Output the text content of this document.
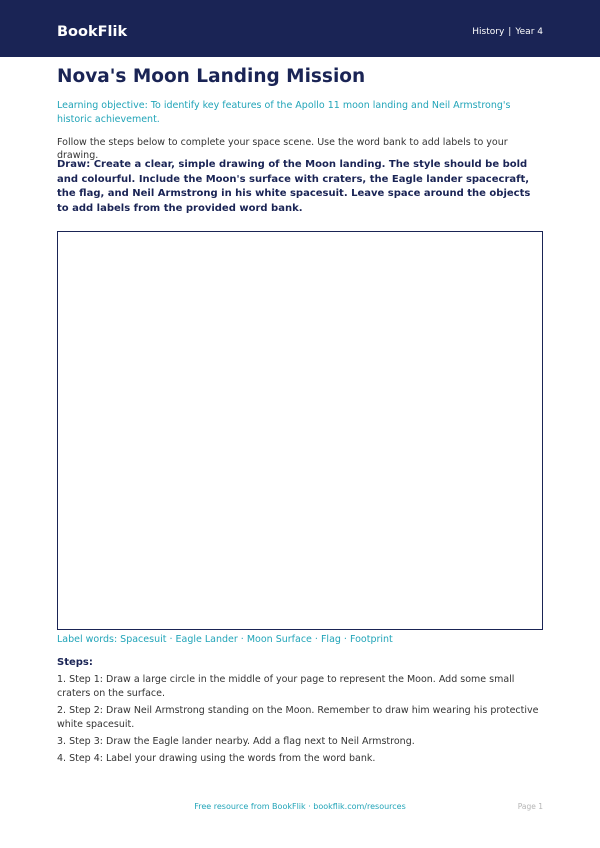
BookFlik	History | Year 4
Nova's Moon Landing Mission

Learning objective: To identify key features of the Apollo 11 moon landing and Neil Armstrong's historic achievement.

Follow the steps below to complete your space scene. Use the word bank to add labels to your drawing.

Draw: Create a clear, simple drawing of the Moon landing. The style should be bold and colourful. Include the Moon's surface with craters, the Eagle lander spacecraft, the flag, and Neil Armstrong in his white spacesuit. Leave space around the objects to add labels from the provided word bank.

Label words: Spacesuit · Eagle Lander · Moon Surface · Flag · Footprint
Steps:
1. Step 1: Draw a large circle in the middle of your page to represent the Moon. Add some small craters on the surface.
2. Step 2: Draw Neil Armstrong standing on the Moon. Remember to draw him wearing his protective white spacesuit.
3. Step 3: Draw the Eagle lander nearby. Add a flag next to Neil Armstrong.
4. Step 4: Label your drawing using the words from the word bank.
Free resource from BookFlik · bookflik.com/resources	Page 1
